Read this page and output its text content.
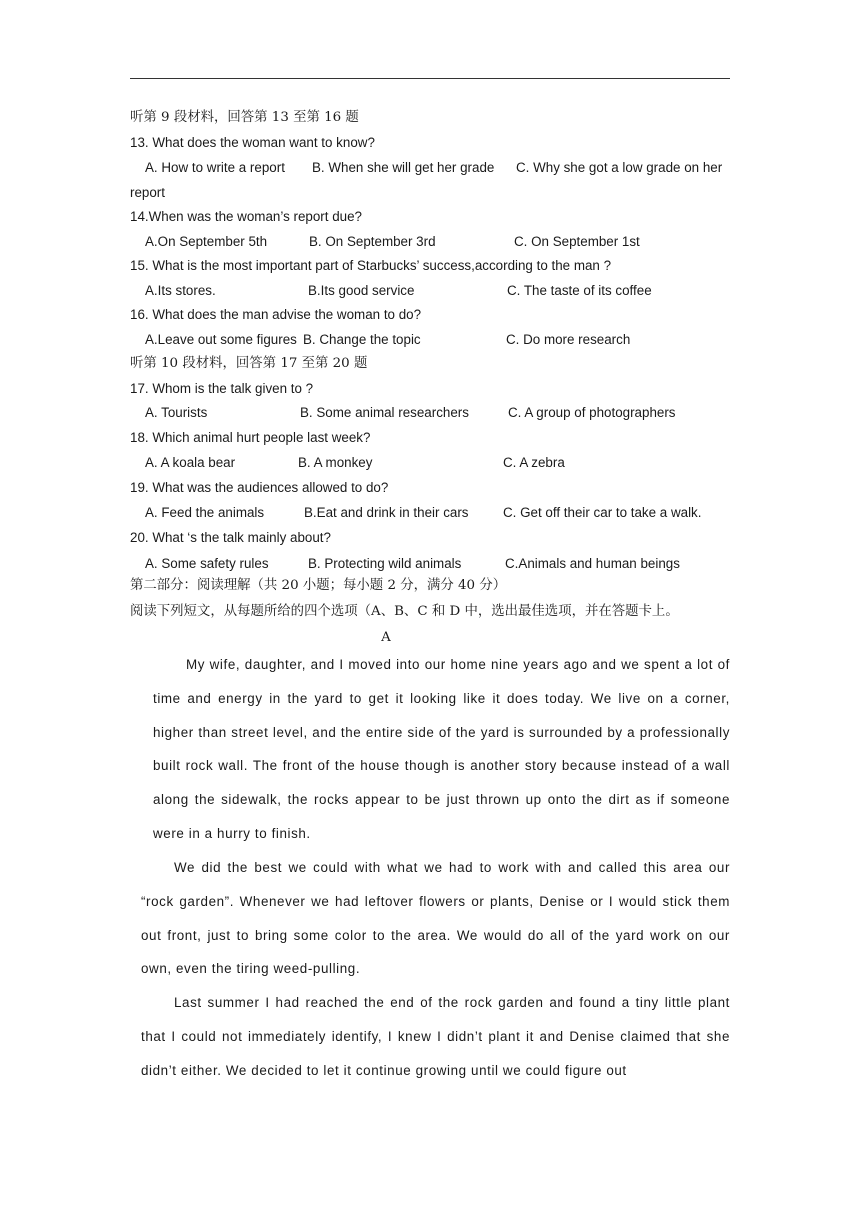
听第 9 段材料，回答第 13 至第 16 题
13. What does the woman want to know?
A. How to write a report B. When she will get her grade C. Why she got a low grade on her
report
14.When was the woman’s report due?
A.On September 5th	B. On September 3rd	C. On September 1st
15. What is the most important part of Starbucks’ success,according to the man ?
A.Its stores.	B.Its good service	C. The taste of its coffee
16. What does the man advise the woman to do?
A.Leave out some figures B. Change the topic	C. Do more research
听第 10 段材料，回答第 17 至第 20 题
17. Whom is the talk given to ?
A. Tourists	B. Some animal researchers	C. A group of photographers
18. Which animal hurt people last week?
A. A koala bear	B. A monkey	C. A zebra
19. What was the audiences allowed to do?
A. Feed the animals	B.Eat and drink in their cars	C. Get off their car to take a walk.
20. What ‘s the talk mainly about?
A. Some safety rules	B. Protecting wild animals	C.Animals and human beings
第二部分：阅读理解（共 20 小题；每小题 2 分，满分 40 分）
阅读下列短文，从每题所给的四个选项（A、B、C 和 D 中，选出最佳选项，并在答题卡上。
A

My wife, daughter, and I moved into our home nine years ago and we spent a lot of time and energy in the yard to get it looking like it does today. We live on a corner, higher than street level, and the entire side of the yard is surrounded by a professionally built rock wall. The front of the house though is another story because instead of a wall along the sidewalk, the rocks appear to be just thrown up onto the dirt as if someone were in a hurry to finish.

We did the best we could with what we had to work with and called this area our “rock garden”. Whenever we had leftover flowers or plants, Denise or I would stick them out front, just to bring some color to the area. We would do all of the yard work on our own, even the tiring weed-pulling.

Last summer I had reached the end of the rock garden and found a tiny little plant that I could not immediately identify, I knew I didn’t plant it and Denise claimed that she didn’t either. We decided to let it continue growing until we could figure out
